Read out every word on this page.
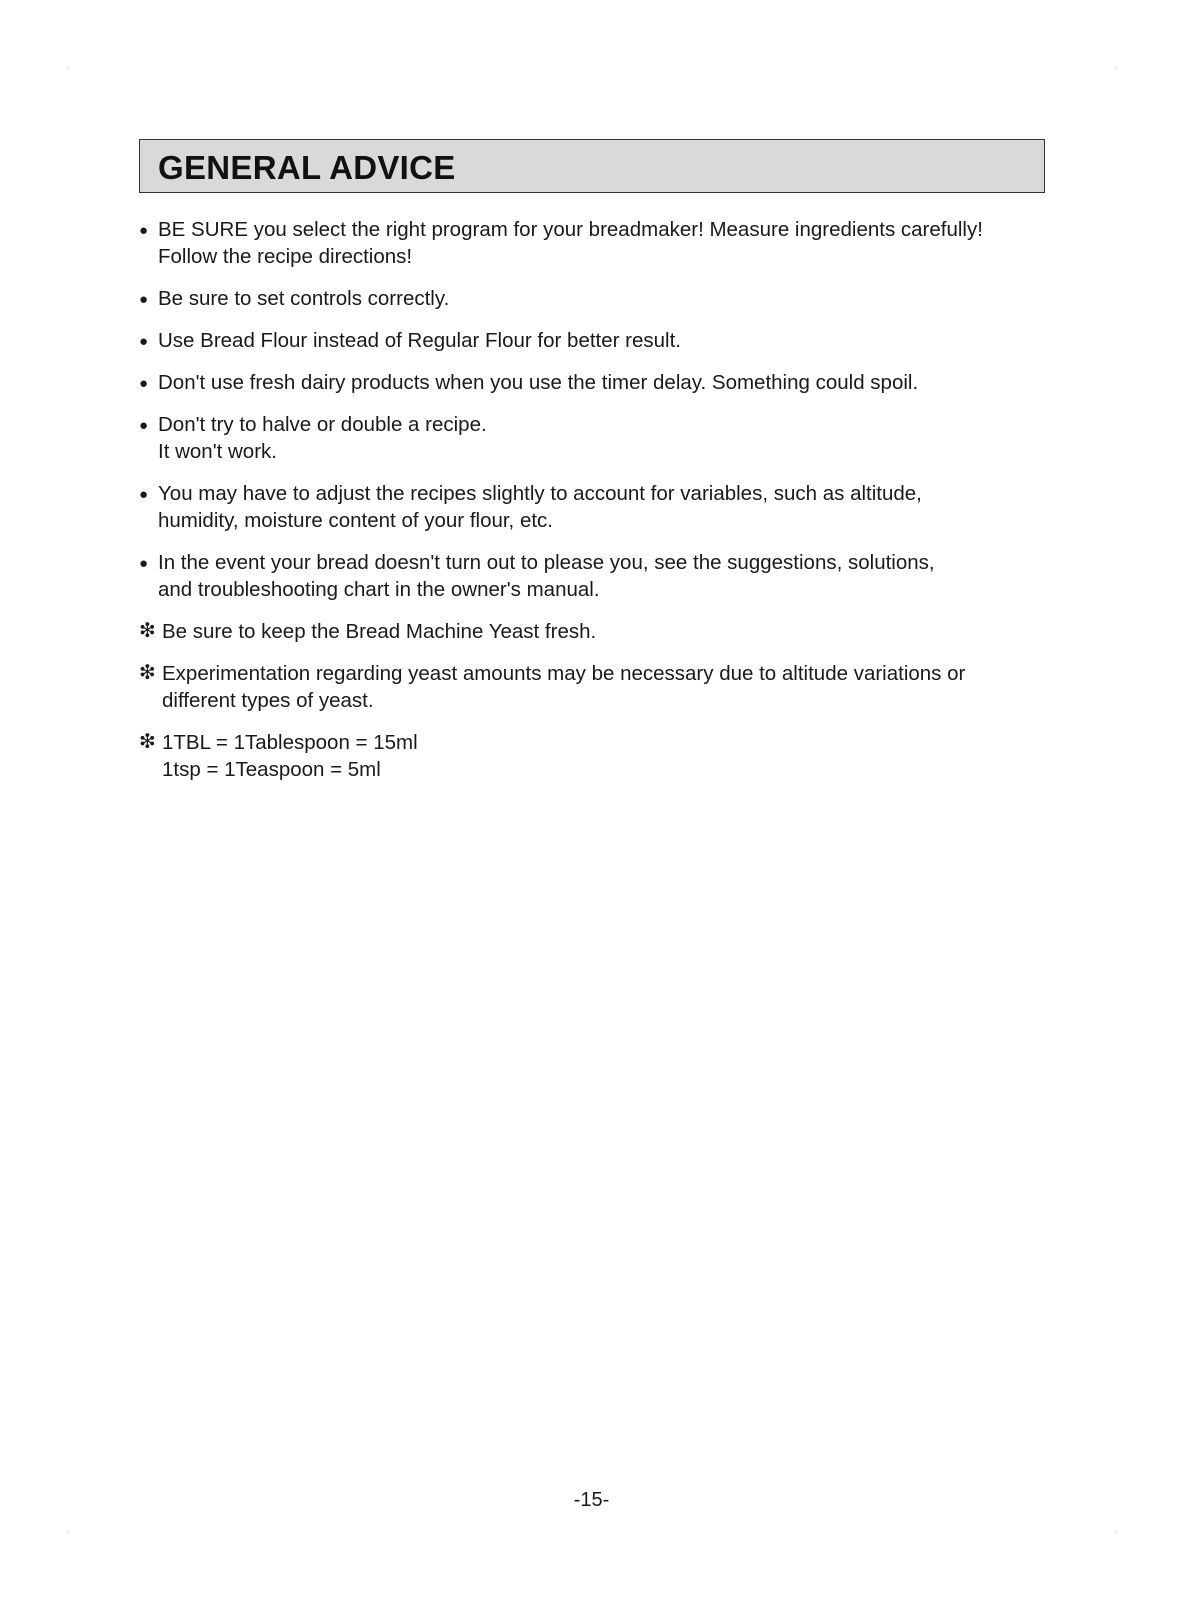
GENERAL ADVICE
● BE SURE you select the right program for your breadmaker! Measure ingredients carefully!
Follow the recipe directions!
● Be sure to set controls correctly.
● Use Bread Flour instead of Regular Flour for better result.
● Don't use fresh dairy products when you use the timer delay. Something could spoil.
● Don't try to halve or double a recipe.
It won't work.
● You may have to adjust the recipes slightly to account for variables, such as altitude,
humidity, moisture content of your flour, etc.
● In the event your bread doesn't turn out to please you, see the suggestions, solutions,
and troubleshooting chart in the owner's manual.
❇ Be sure to keep the Bread Machine Yeast fresh.
❇ Experimentation regarding yeast amounts may be necessary due to altitude variations or
different types of yeast.
❇ 1TBL = 1Tablespoon = 15ml
1tsp = 1Teaspoon = 5ml
-15-
